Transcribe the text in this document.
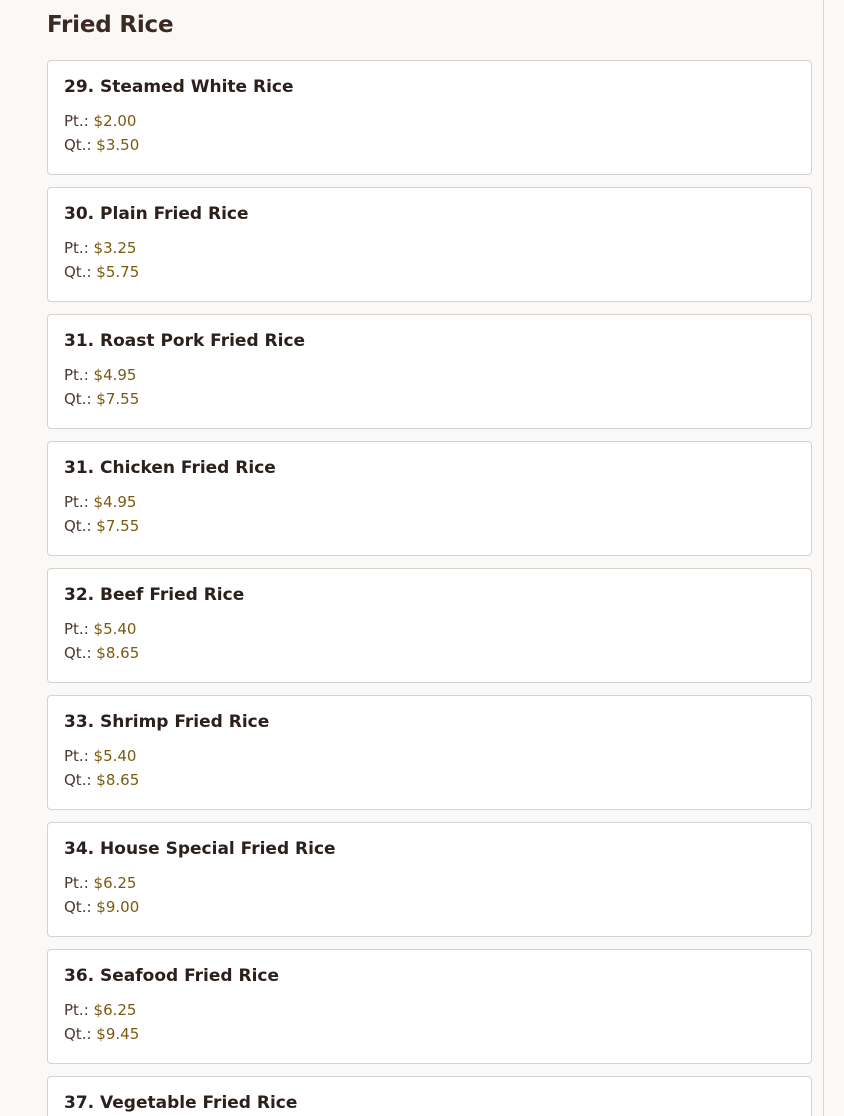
Fried Rice
29. Steamed White Rice
Pt.: $2.00
Qt.: $3.50
30. Plain Fried Rice
Pt.: $3.25
Qt.: $5.75
31. Roast Pork Fried Rice
Pt.: $4.95
Qt.: $7.55
31. Chicken Fried Rice
Pt.: $4.95
Qt.: $7.55
32. Beef Fried Rice
Pt.: $5.40
Qt.: $8.65
33. Shrimp Fried Rice
Pt.: $5.40
Qt.: $8.65
34. House Special Fried Rice
Pt.: $6.25
Qt.: $9.00
36. Seafood Fried Rice
Pt.: $6.25
Qt.: $9.45
37. Vegetable Fried Rice
